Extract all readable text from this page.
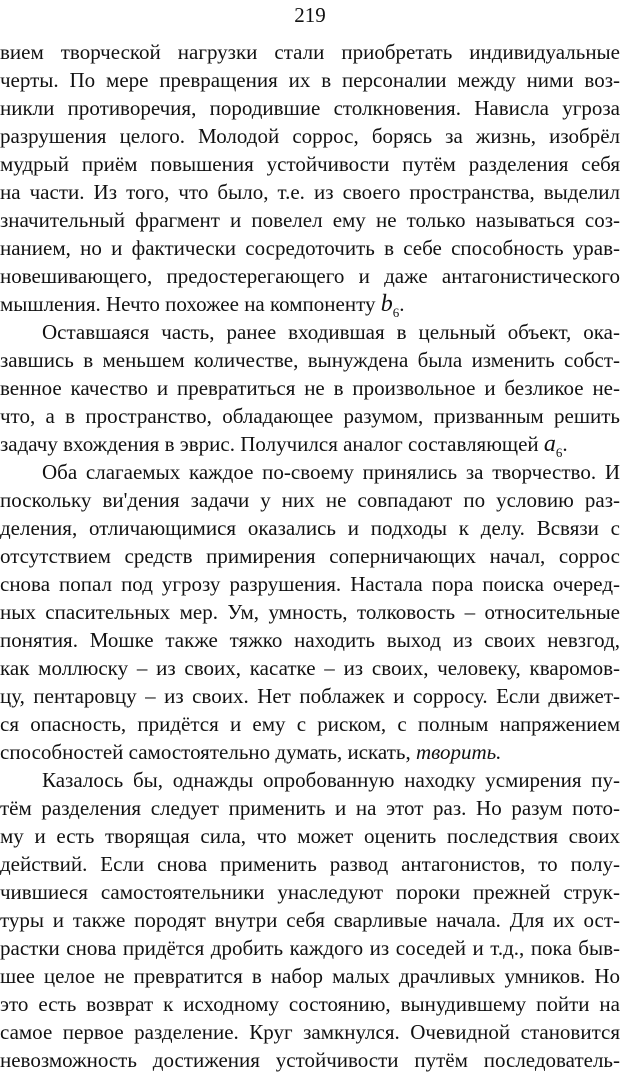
219
вием творческой нагрузки стали приобретать индивидуальные
черты. По мере превращения их в персоналии между ними воз-
никли противоречия, породившие столкновения. Нависла угроза
разрушения целого. Молодой соррос, борясь за жизнь, изобрёл
мудрый приём повышения устойчивости путём разделения себя
на части. Из того, что было, т.е. из своего пространства, выделил
значительный фрагмент и повелел ему не только называться соз-
нанием, но и фактически сосредоточить в себе способность урав-
новешивающего, предостерегающего и даже антагонистического
мышления. Нечто похожее на компоненту $b_6$.
Оставшаяся часть, ранее входившая в цельный объект, ока-
завшись в меньшем количестве, вынуждена была изменить собст-
венное качество и превратиться не в произвольное и безликое не-
что, а в пространство, обладающее разумом, призванным решить
задачу вхождения в эврис. Получился аналог составляющей $a_6$.
Оба слагаемых каждое по-своему принялись за творчество. И
поскольку ви'дения задачи у них не совпадают по условию раз-
деления, отличающимися оказались и подходы к делу. Всвязи с
отсутствием средств примирения соперничающих начал, соррос
снова попал под угрозу разрушения. Настала пора поиска очеред-
ных спасительных мер. Ум, умность, толковость – относительные
понятия. Мошке также тяжко находить выход из своих невзгод,
как моллюску – из своих, касатке – из своих, человеку, кваромов-
цу, пентаровцу – из своих. Нет поблажек и сорросу. Если движет-
ся опасность, придётся и ему с риском, с полным напряжением
способностей самостоятельно думать, искать, творить.
Казалось бы, однажды опробованную находку усмирения пу-
тём разделения следует применить и на этот раз. Но разум пото-
му и есть творящая сила, что может оценить последствия своих
действий. Если снова применить развод антагонистов, то полу-
чившиеся самостоятельники унаследуют пороки прежней струк-
туры и также породят внутри себя сварливые начала. Для их ост-
растки снова придётся дробить каждого из соседей и т.д., пока быв-
шее целое не превратится в набор малых драчливых умников. Но
это есть возврат к исходному состоянию, вынудившему пойти на
самое первое разделение. Круг замкнулся. Очевидной становится
невозможность достижения устойчивости путём последователь-
